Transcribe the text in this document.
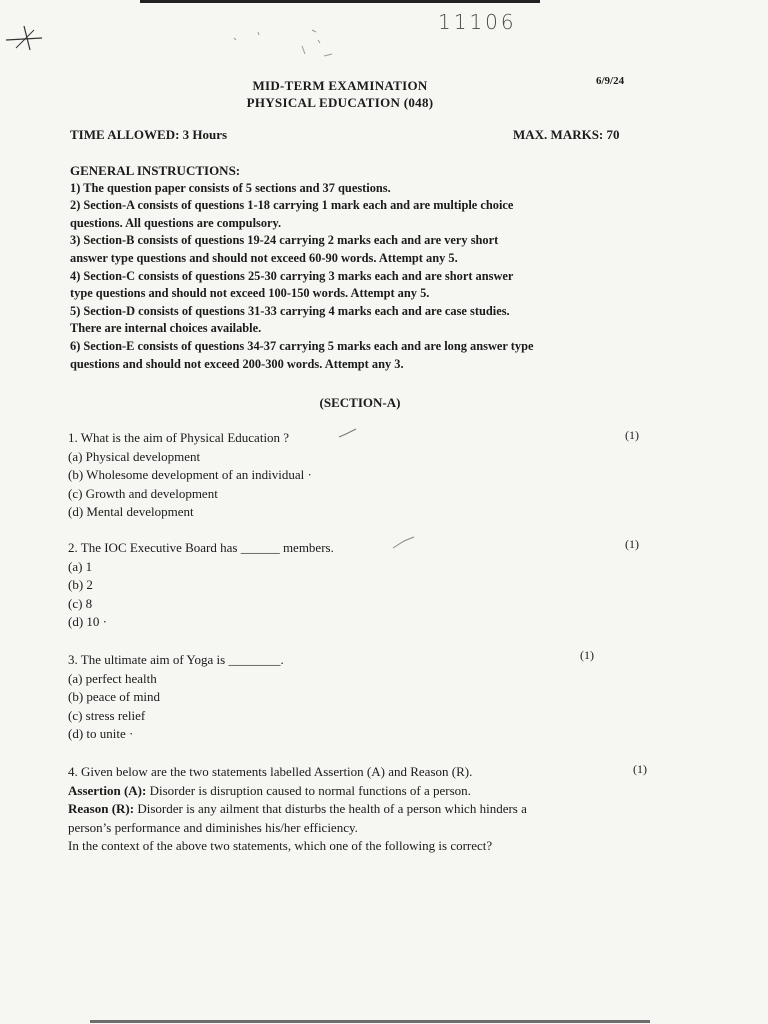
11106
MID-TERM EXAMINATION
PHYSICAL EDUCATION (048)
6/9/24
TIME ALLOWED: 3 Hours	MAX. MARKS: 70
GENERAL INSTRUCTIONS:
1) The question paper consists of 5 sections and 37 questions.
2) Section-A consists of questions 1-18 carrying 1 mark each and are multiple choice
questions. All questions are compulsory.
3) Section-B consists of questions 19-24 carrying 2 marks each and are very short
answer type questions and should not exceed 60-90 words. Attempt any 5.
4) Section-C consists of questions 25-30 carrying 3 marks each and are short answer
type questions and should not exceed 100-150 words. Attempt any 5.
5) Section-D consists of questions 31-33 carrying 4 marks each and are case studies.
There are internal choices available.
6) Section-E consists of questions 34-37 carrying 5 marks each and are long answer type
questions and should not exceed 200-300 words. Attempt any 3.
(SECTION-A)
1. What is the aim of Physical Education ?
(a) Physical development
(b) Wholesome development of an individual ·
(c) Growth and development
(d) Mental development
(1)
2. The IOC Executive Board has ______ members.
(a) 1
(b) 2
(c) 8
(d) 10 ·
(1)
3. The ultimate aim of Yoga is ________.
(a) perfect health
(b) peace of mind
(c) stress relief
(d) to unite ·
(1)
4. Given below are the two statements labelled Assertion (A) and Reason (R).
Assertion (A): Disorder is disruption caused to normal functions of a person.
Reason (R): Disorder is any ailment that disturbs the health of a person which hinders a
person’s performance and diminishes his/her efficiency.
In the context of the above two statements, which one of the following is correct?
(1)
